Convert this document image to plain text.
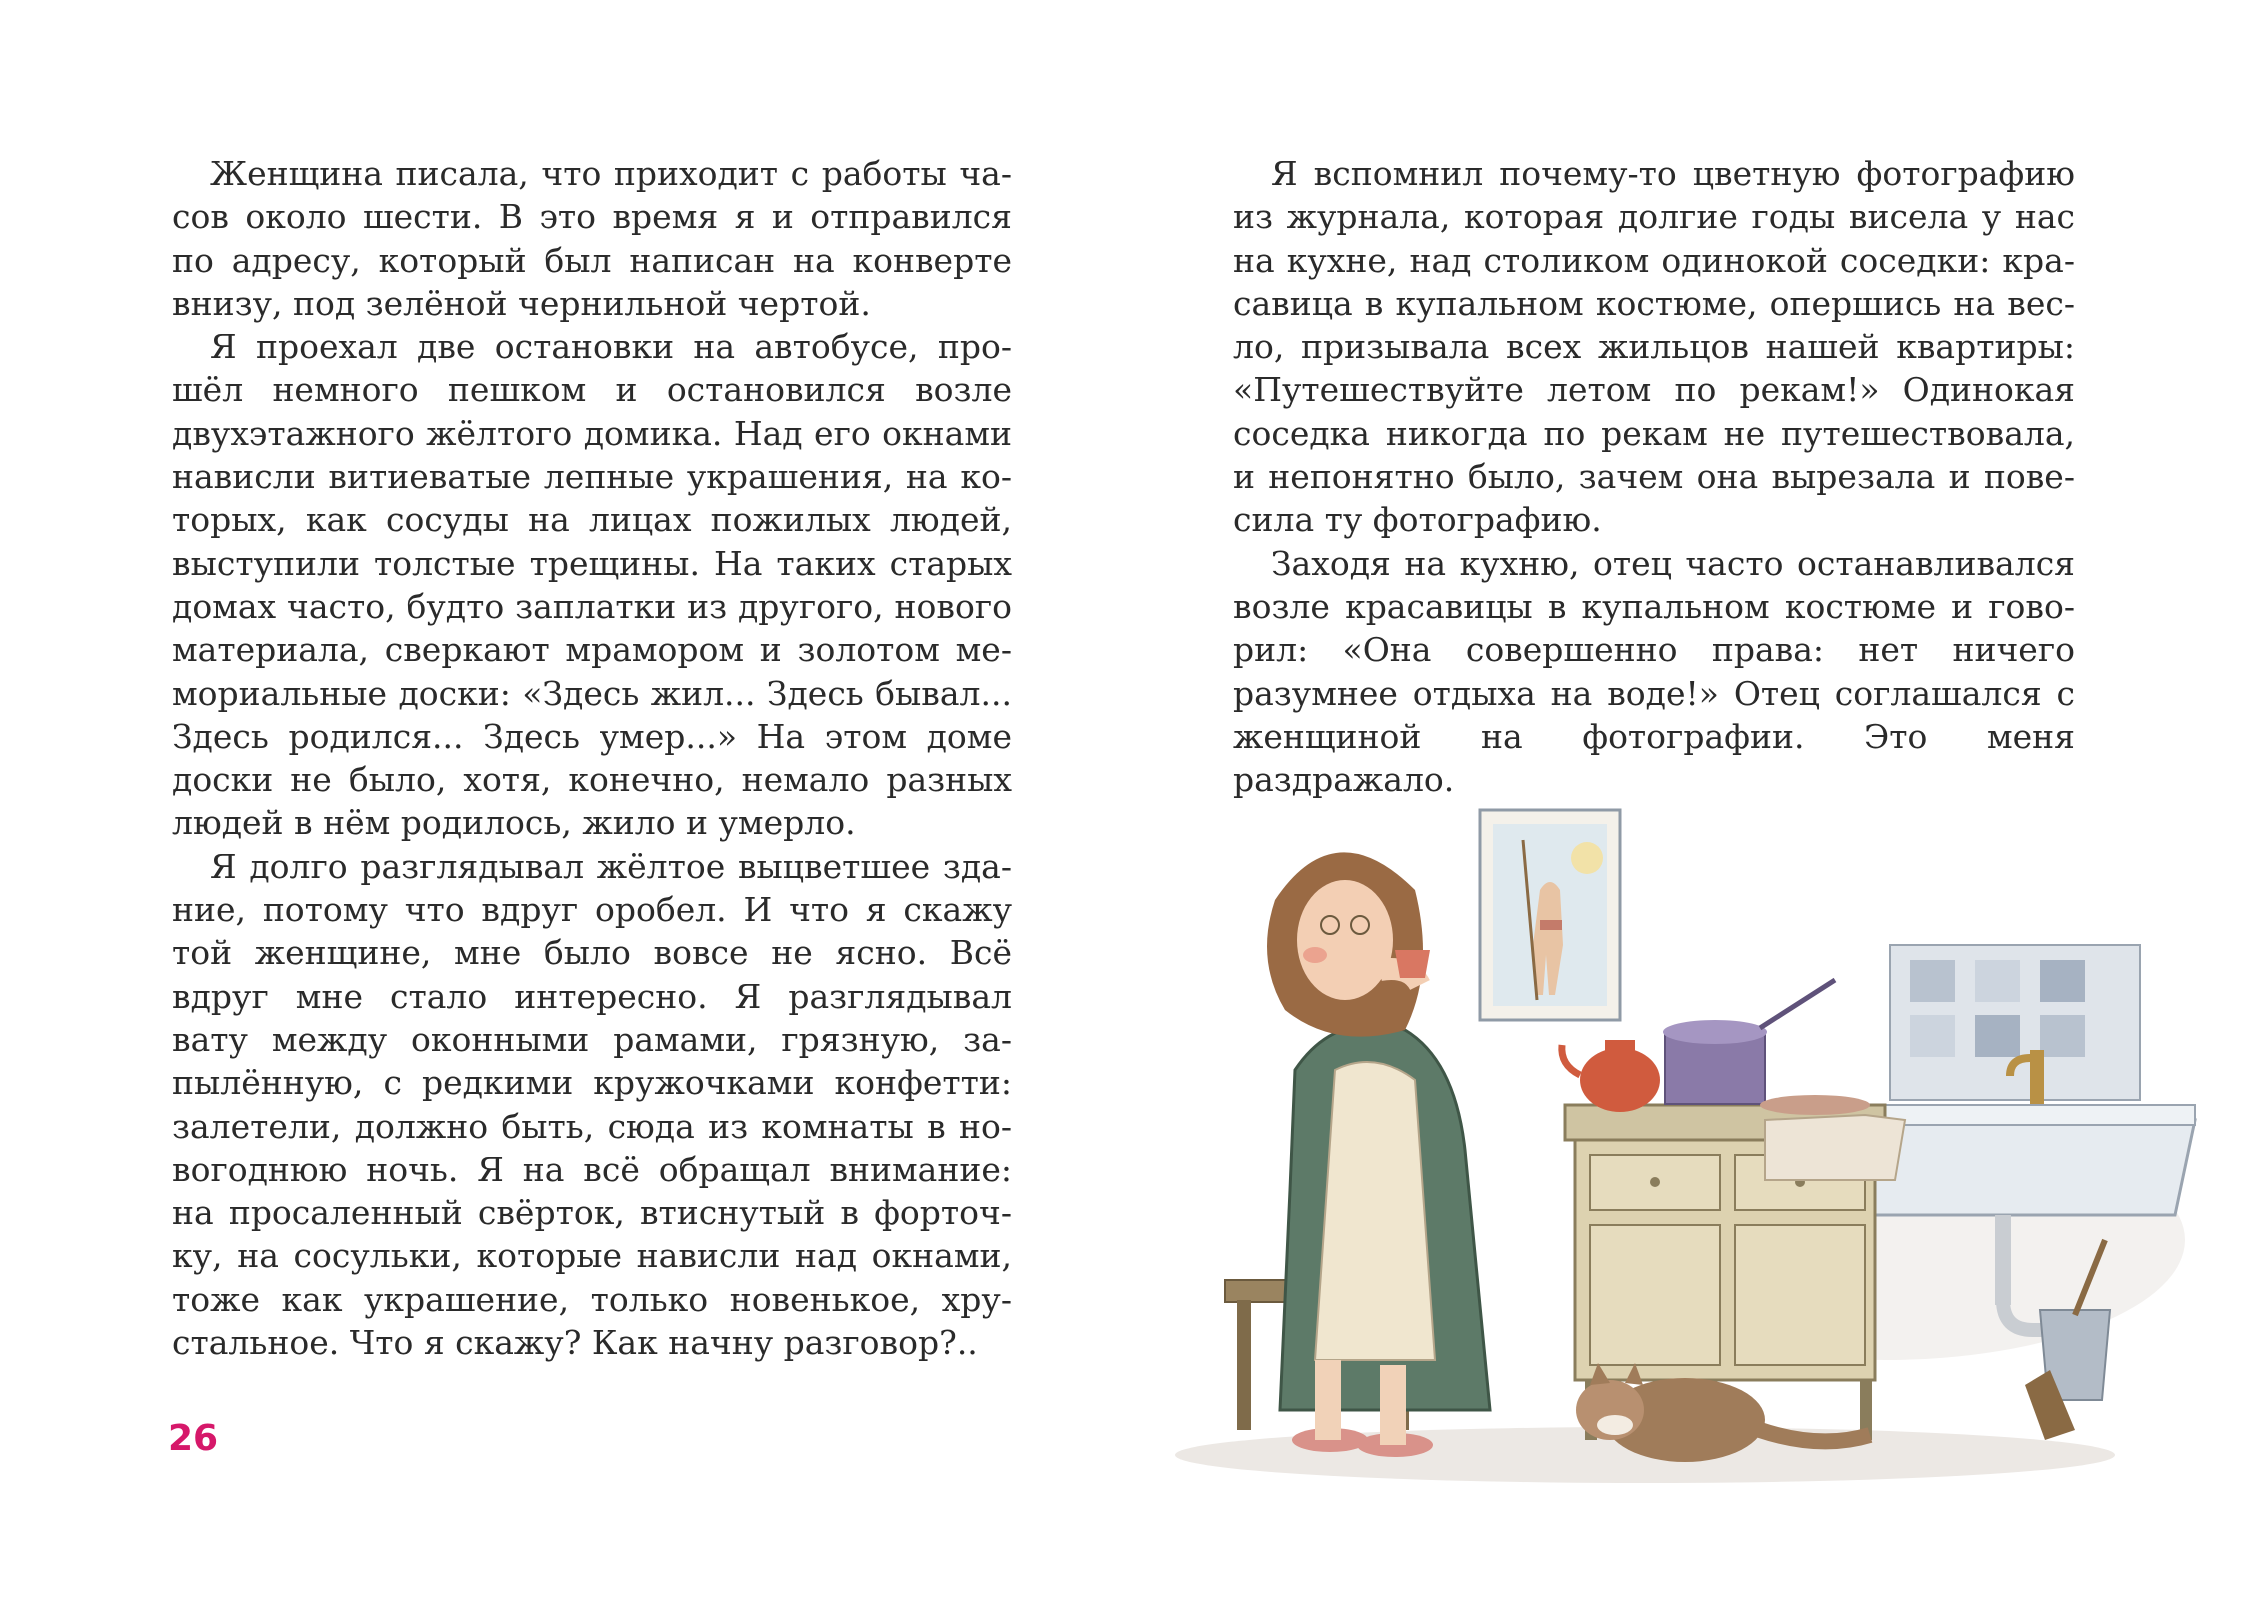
Женщина писала, что приходит с работы часов около шести. В это время я и отправился по адресу, который был написан на конверте внизу, под зелёной чернильной чертой.

Я проехал две остановки на автобусе, прошёл немного пешком и остановился возле двухэтажного жёлтого домика. Над его окнами нависли витиеватые лепные украшения, на которых, как сосуды на лицах пожилых людей, выступили толстые трещины. На таких старых домах часто, будто заплатки из другого, нового материала, сверкают мрамором и золотом мемориальные доски: «Здесь жил... Здесь бывал... Здесь родился... Здесь умер...» На этом доме доски не было, хотя, конечно, немало разных людей в нём родилось, жило и умерло.

Я долго разглядывал жёлтое выцветшее здание, потому что вдруг оробел. И что я скажу той женщине, мне было вовсе не ясно. Всё вдруг мне стало интересно. Я разглядывал вату между оконными рамами, грязную, запылённую, с редкими кружочками конфетти: залетели, должно быть, сюда из комнаты в новогоднюю ночь. Я на всё обращал внимание: на просаленный свёрток, втиснутый в форточку, на сосульки, которые нависли над окнами, тоже как украшение, только новенькое, хрустальное. Что я скажу? Как начну разговор?..

26

Я вспомнил почему-то цветную фотографию из журнала, которая долгие годы висела у нас на кухне, над столиком одинокой соседки: красавица в купальном костюме, опершись на весло, призывала всех жильцов нашей квартиры: «Путешествуйте летом по рекам!» Одинокая соседка никогда по рекам не путешествовала, и непонятно было, зачем она вырезала и повесила ту фотографию.

Заходя на кухню, отец часто останавливался возле красавицы в купальном костюме и говорил: «Она совершенно права: нет ничего разумнее отдыха на воде!» Отец соглашался с женщиной на фотографии. Это меня раздражало.
